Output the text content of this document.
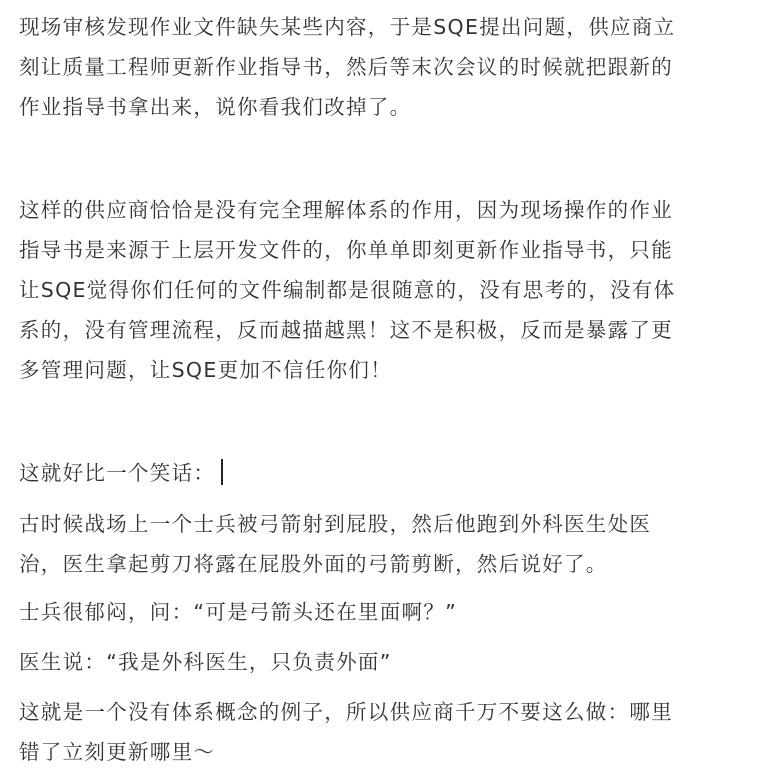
现场审核发现作业文件缺失某些内容，于是SQE提出问题，供应商立
刻让质量工程师更新作业指导书，然后等末次会议的时候就把跟新的
作业指导书拿出来，说你看我们改掉了。

这样的供应商恰恰是没有完全理解体系的作用，因为现场操作的作业
指导书是来源于上层开发文件的，你单单即刻更新作业指导书，只能
让SQE觉得你们任何的文件编制都是很随意的，没有思考的，没有体
系的，没有管理流程，反而越描越黑！这不是积极，反而是暴露了更
多管理问题，让SQE更加不信任你们！

这就好比一个笑话：

古时候战场上一个士兵被弓箭射到屁股，然后他跑到外科医生处医
治，医生拿起剪刀将露在屁股外面的弓箭剪断，然后说好了。

士兵很郁闷，问：“可是弓箭头还在里面啊？”

医生说：“我是外科医生，只负责外面”

这就是一个没有体系概念的例子，所以供应商千万不要这么做：哪里
错了立刻更新哪里～
